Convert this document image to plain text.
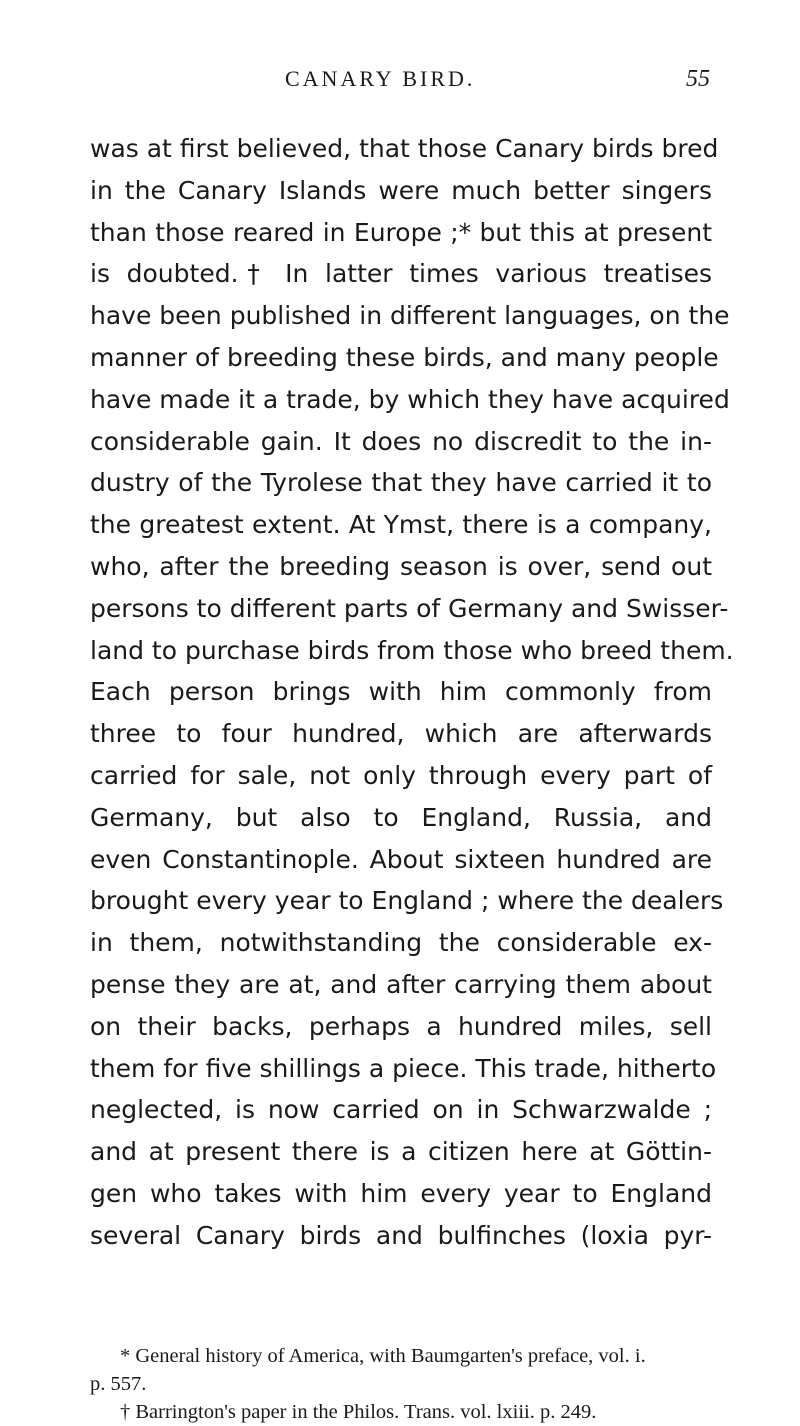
CANARY BIRD.	55
was at first believed, that those Canary birds bred
in the Canary Islands were much better singers
than those reared in Europe ;* but this at present
is doubted.† In latter times various treatises
have been published in different languages, on the
manner of breeding these birds, and many people
have made it a trade, by which they have acquired
considerable gain. It does no discredit to the in-
dustry of the Tyrolese that they have carried it to
the greatest extent. At Ymst, there is a company,
who, after the breeding season is over, send out
persons to different parts of Germany and Swisser-
land to purchase birds from those who breed them.
Each person brings with him commonly from
three to four hundred, which are afterwards
carried for sale, not only through every part of
Germany, but also to England, Russia, and
even Constantinople. About sixteen hundred are
brought every year to England ; where the dealers
in them, notwithstanding the considerable ex-
pense they are at, and after carrying them about
on their backs, perhaps a hundred miles, sell
them for five shillings a piece. This trade, hitherto
neglected, is now carried on in Schwarzwalde ;
and at present there is a citizen here at Göttin-
gen who takes with him every year to England
several Canary birds and bulfinches (loxia pyr-
* General history of America, with Baumgarten's preface, vol. i.
p. 557.
† Barrington's paper in the Philos. Trans. vol. lxiii. p. 249.
